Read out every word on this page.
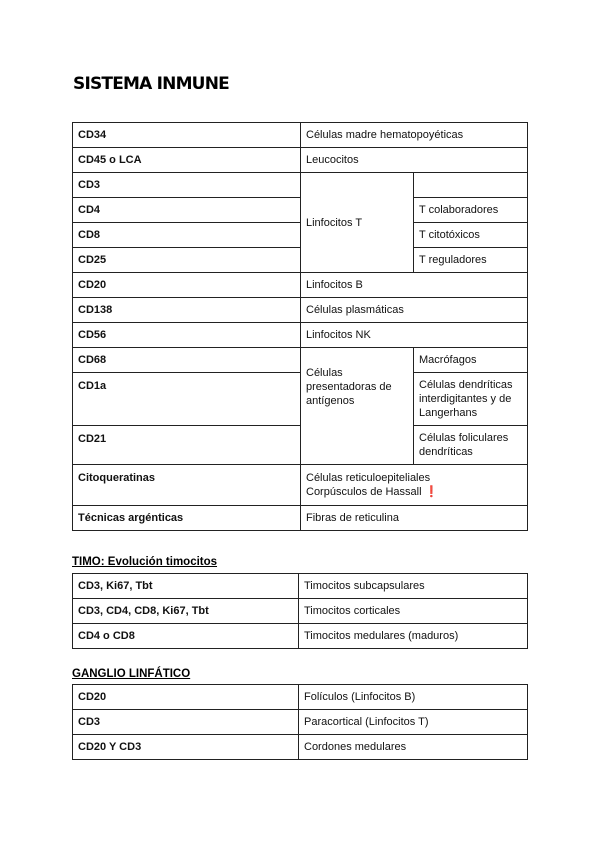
SISTEMA INMUNE
CD34	Células madre hematopoyéticas	
CD45 o LCA	Leucocitos	
CD3	Linfocitos T	
CD4		T colaboradores
CD8		T citotóxicos
CD25		T reguladores
CD20	Linfocitos B	
CD138	Células plasmáticas	
CD56	Linfocitos NK	
CD68	Células presentadoras de antígenos	Macrófagos
CD1a		Células dendríticas interdigitantes y de Langerhans
CD21		Células foliculares dendríticas
Citoqueratinas	Células reticuloepiteliales
Corpúsculos de Hassall ❗	

Técnicas argénticas	Fibras de reticulina	
TIMO: Evolución timocitos
CD3, Ki67, Tbt	Timocitos subcapsulares
CD3, CD4, CD8, Ki67, Tbt	Timocitos corticales
CD4 o CD8	Timocitos medulares (maduros)
GANGLIO LINFÁTICO
CD20	Folículos (Linfocitos B)
CD3	Paracortical (Linfocitos T)
CD20 Y CD3	Cordones medulares
